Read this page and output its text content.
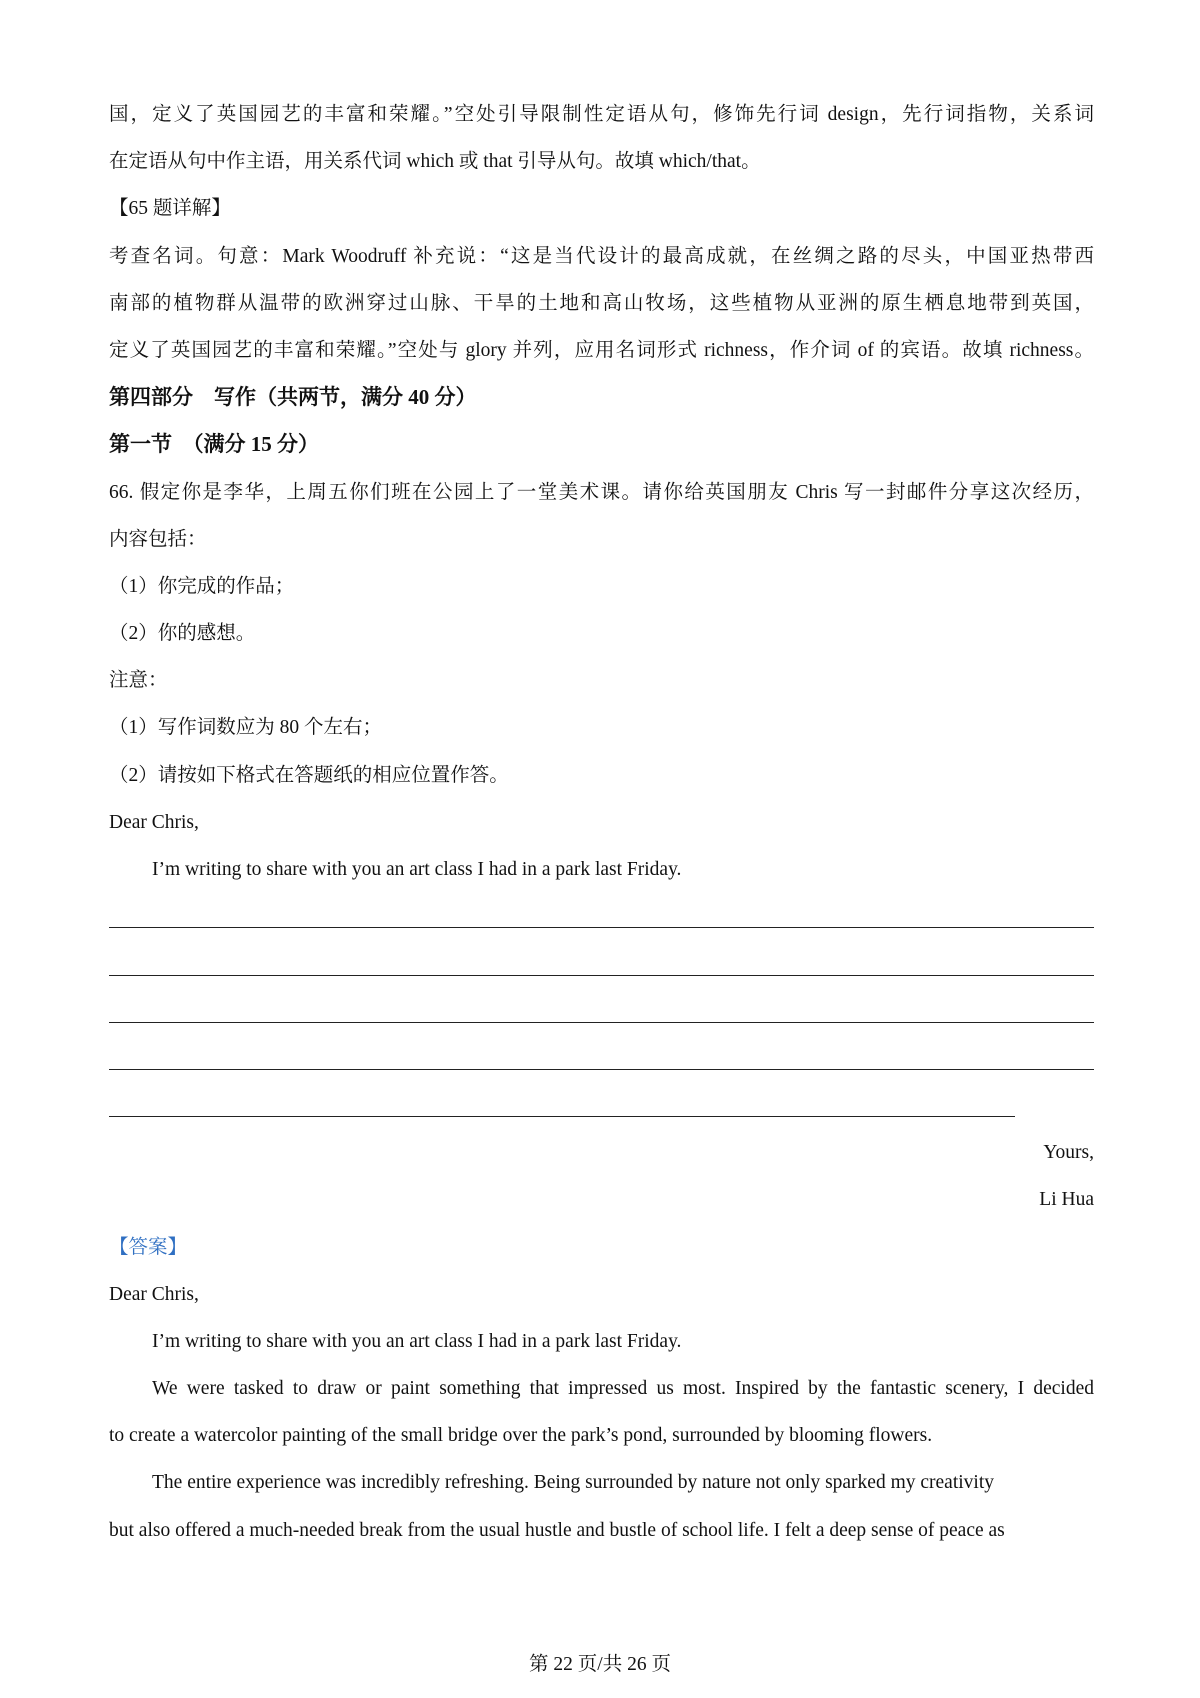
国，定义了英国园艺的丰富和荣耀。”空处引导限制性定语从句，修饰先行词 design，先行词指物，关系词
在定语从句中作主语，用关系代词 which 或 that 引导从句。故填 which/that。
【65 题详解】
考查名词。句意：Mark Woodruff 补充说：“这是当代设计的最高成就，在丝绸之路的尽头，中国亚热带西
南部的植物群从温带的欧洲穿过山脉、干旱的土地和高山牧场，这些植物从亚洲的原生栖息地带到英国，
定义了英国园艺的丰富和荣耀。”空处与 glory 并列，应用名词形式 richness，作介词 of 的宾语。故填 richness。
第四部分　写作（共两节，满分 40 分）
第一节　（满分 15 分）
66. 假定你是李华，上周五你们班在公园上了一堂美术课。请你给英国朋友 Chris 写一封邮件分享这次经历，
内容包括：
（1）你完成的作品；
（2）你的感想。
注意：
（1）写作词数应为 80 个左右；
（2）请按如下格式在答题纸的相应位置作答。
Dear Chris,
I’m writing to share with you an art class I had in a park last Friday.
Yours,
Li Hua
【答案】
Dear Chris,
I’m writing to share with you an art class I had in a park last Friday.
We were tasked to draw or paint something that impressed us most. Inspired by the fantastic scenery, I decided
to create a watercolor painting of the small bridge over the park’s pond, surrounded by blooming flowers.
The entire experience was incredibly refreshing. Being surrounded by nature not only sparked my creativity
but also offered a much-needed break from the usual hustle and bustle of school life. I felt a deep sense of peace as
第 22 页/共 26 页
